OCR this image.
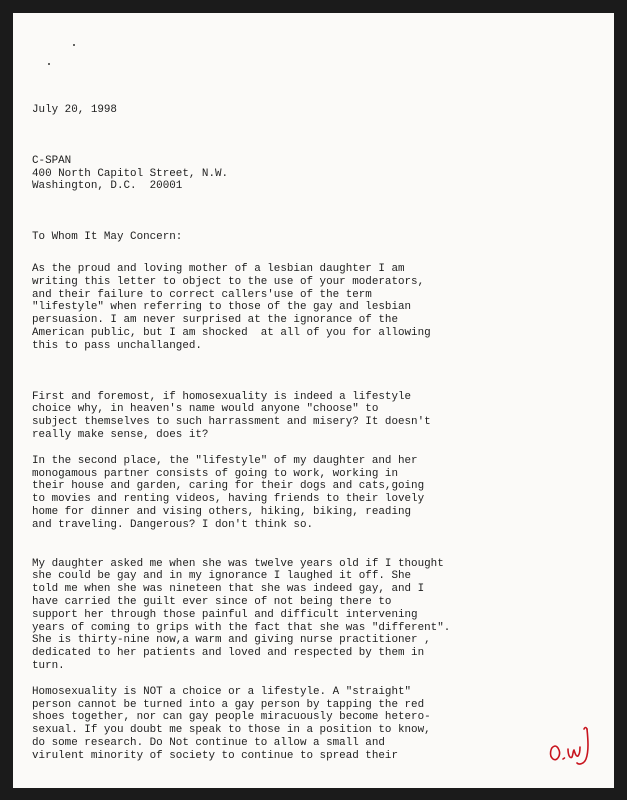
July 20, 1998
C-SPAN
400 North Capitol Street, N.W.
Washington, D.C.  20001
To Whom It May Concern:
As the proud and loving mother of a lesbian daughter I am
writing this letter to object to the use of your moderators,
and their failure to correct callers'use of the term
"lifestyle" when referring to those of the gay and lesbian
persuasion. I am never surprised at the ignorance of the
American public, but I am shocked  at all of you for allowing
this to pass unchallanged.
First and foremost, if homosexuality is indeed a lifestyle
choice why, in heaven's name would anyone "choose" to
subject themselves to such harrassment and misery? It doesn't
really make sense, does it?
In the second place, the "lifestyle" of my daughter and her
monogamous partner consists of going to work, working in
their house and garden, caring for their dogs and cats,going
to movies and renting videos, having friends to their lovely
home for dinner and vising others, hiking, biking, reading
and traveling. Dangerous? I don't think so.
My daughter asked me when she was twelve years old if I thought
she could be gay and in my ignorance I laughed it off. She
told me when she was nineteen that she was indeed gay, and I
have carried the guilt ever since of not being there to
support her through those painful and difficult intervening
years of coming to grips with the fact that she was "different".
She is thirty-nine now,a warm and giving nurse practitioner ,
dedicated to her patients and loved and respected by them in
turn.
Homosexuality is NOT a choice or a lifestyle. A "straight"
person cannot be turned into a gay person by tapping the red
shoes together, nor can gay people miracuously become hetero-
sexual. If you doubt me speak to those in a position to know,
do some research. Do Not continue to allow a small and
virulent minority of society to continue to spread their
